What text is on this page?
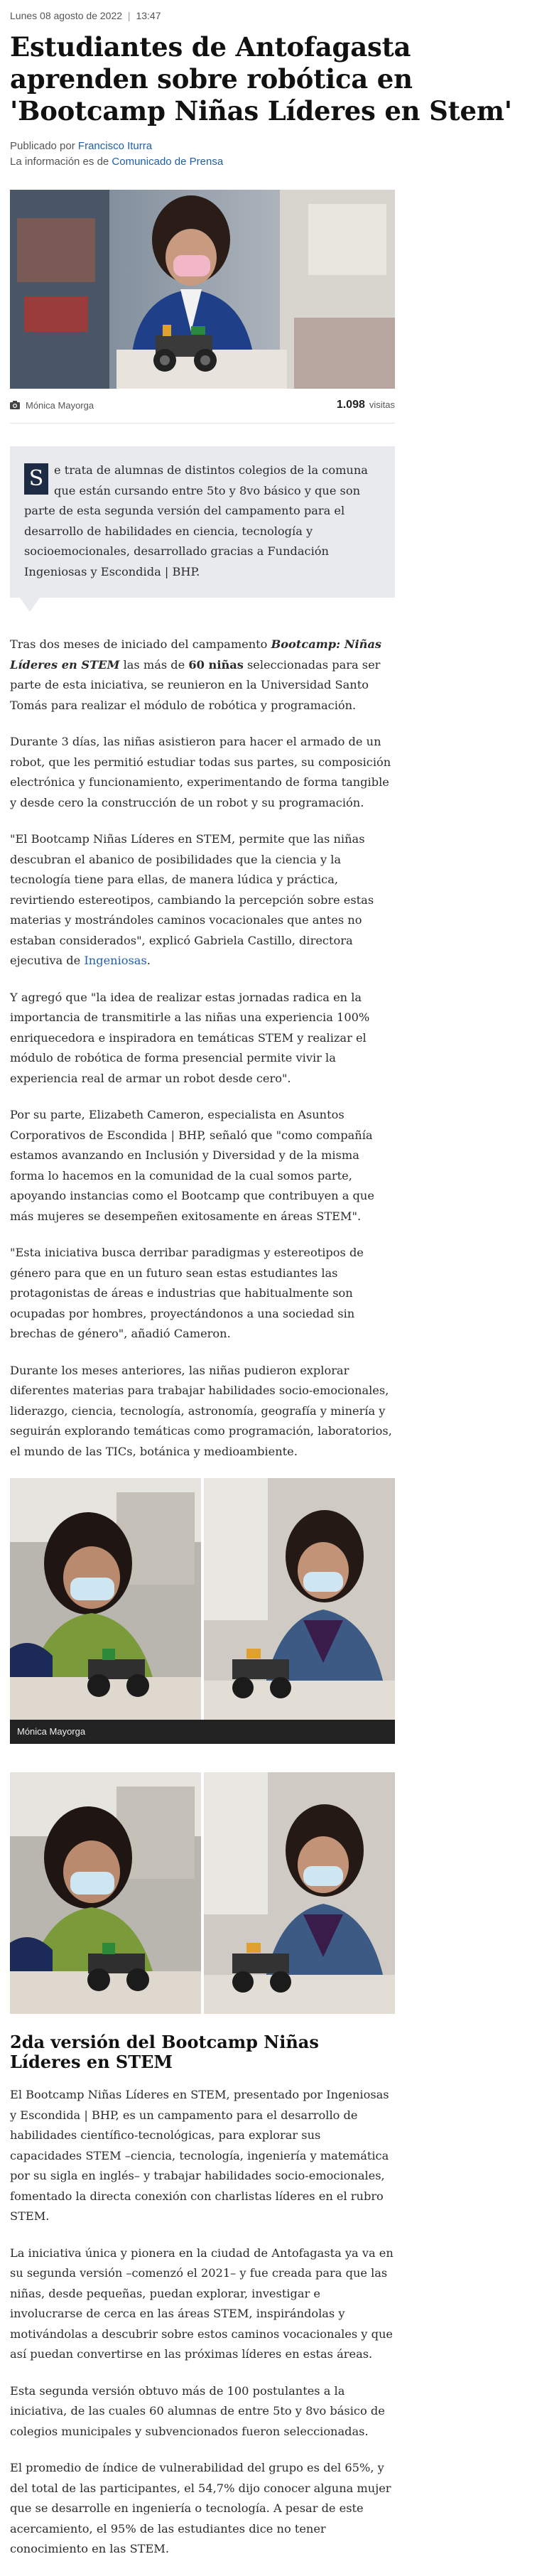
Lunes 08 agosto de 2022 | 13:47
Estudiantes de Antofagasta aprenden sobre robótica en 'Bootcamp Niñas Líderes en Stem'
Publicado por Francisco Iturra
La información es de Comunicado de Prensa
Mónica Mayorga	1.098 visitas
S e trata de alumnas de distintos colegios de la comuna que están cursando entre 5to y 8vo básico y que son parte de esta segunda versión del campamento para el desarrollo de habilidades en ciencia, tecnología y socioemocionales, desarrollado gracias a Fundación Ingeniosas y Escondida | BHP.

Tras dos meses de iniciado del campamento Bootcamp: Niñas Líderes en STEM las más de 60 niñas seleccionadas para ser parte de esta iniciativa, se reunieron en la Universidad Santo Tomás para realizar el módulo de robótica y programación.

Durante 3 días, las niñas asistieron para hacer el armado de un robot, que les permitió estudiar todas sus partes, su composición electrónica y funcionamiento, experimentando de forma tangible y desde cero la construcción de un robot y su programación.

"El Bootcamp Niñas Líderes en STEM, permite que las niñas descubran el abanico de posibilidades que la ciencia y la tecnología tiene para ellas, de manera lúdica y práctica, revirtiendo estereotipos, cambiando la percepción sobre estas materias y mostrándoles caminos vocacionales que antes no estaban considerados", explicó Gabriela Castillo, directora ejecutiva de Ingeniosas.

Y agregó que "la idea de realizar estas jornadas radica en la importancia de transmitirle a las niñas una experiencia 100% enriquecedora e inspiradora en temáticas STEM y realizar el módulo de robótica de forma presencial permite vivir la experiencia real de armar un robot desde cero".

Por su parte, Elizabeth Cameron, especialista en Asuntos Corporativos de Escondida | BHP, señaló que "como compañía estamos avanzando en Inclusión y Diversidad y de la misma forma lo hacemos en la comunidad de la cual somos parte, apoyando instancias como el Bootcamp que contribuyen a que más mujeres se desempeñen exitosamente en áreas STEM".

"Esta iniciativa busca derribar paradigmas y estereotipos de género para que en un futuro sean estas estudiantes las protagonistas de áreas e industrias que habitualmente son ocupadas por hombres, proyectándonos a una sociedad sin brechas de género", añadió Cameron.

Durante los meses anteriores, las niñas pudieron explorar diferentes materias para trabajar habilidades socio-emocionales, liderazgo, ciencia, tecnología, astronomía, geografía y minería y seguirán explorando temáticas como programación, laboratorios, el mundo de las TICs, botánica y medioambiente.

Mónica Mayorga
2da versión del Bootcamp Niñas Líderes en STEM

El Bootcamp Niñas Líderes en STEM, presentado por Ingeniosas y Escondida | BHP, es un campamento para el desarrollo de habilidades científico-tecnológicas, para explorar sus capacidades STEM –ciencia, tecnología, ingeniería y matemática por su sigla en inglés– y trabajar habilidades socio-emocionales, fomentado la directa conexión con charlistas líderes en el rubro STEM.

La iniciativa única y pionera en la ciudad de Antofagasta ya va en su segunda versión –comenzó el 2021– y fue creada para que las niñas, desde pequeñas, puedan explorar, investigar e involucrarse de cerca en las áreas STEM, inspirándolas y motivándolas a descubrir sobre estos caminos vocacionales y que así puedan convertirse en las próximas líderes en estas áreas.

Esta segunda versión obtuvo más de 100 postulantes a la iniciativa, de las cuales 60 alumnas de entre 5to y 8vo básico de colegios municipales y subvencionados fueron seleccionadas.

El promedio de índice de vulnerabilidad del grupo es del 65%, y del total de las participantes, el 54,7% dijo conocer alguna mujer que se desarrolle en ingeniería o tecnología. A pesar de este acercamiento, el 95% de las estudiantes dice no tener conocimiento en las STEM.
